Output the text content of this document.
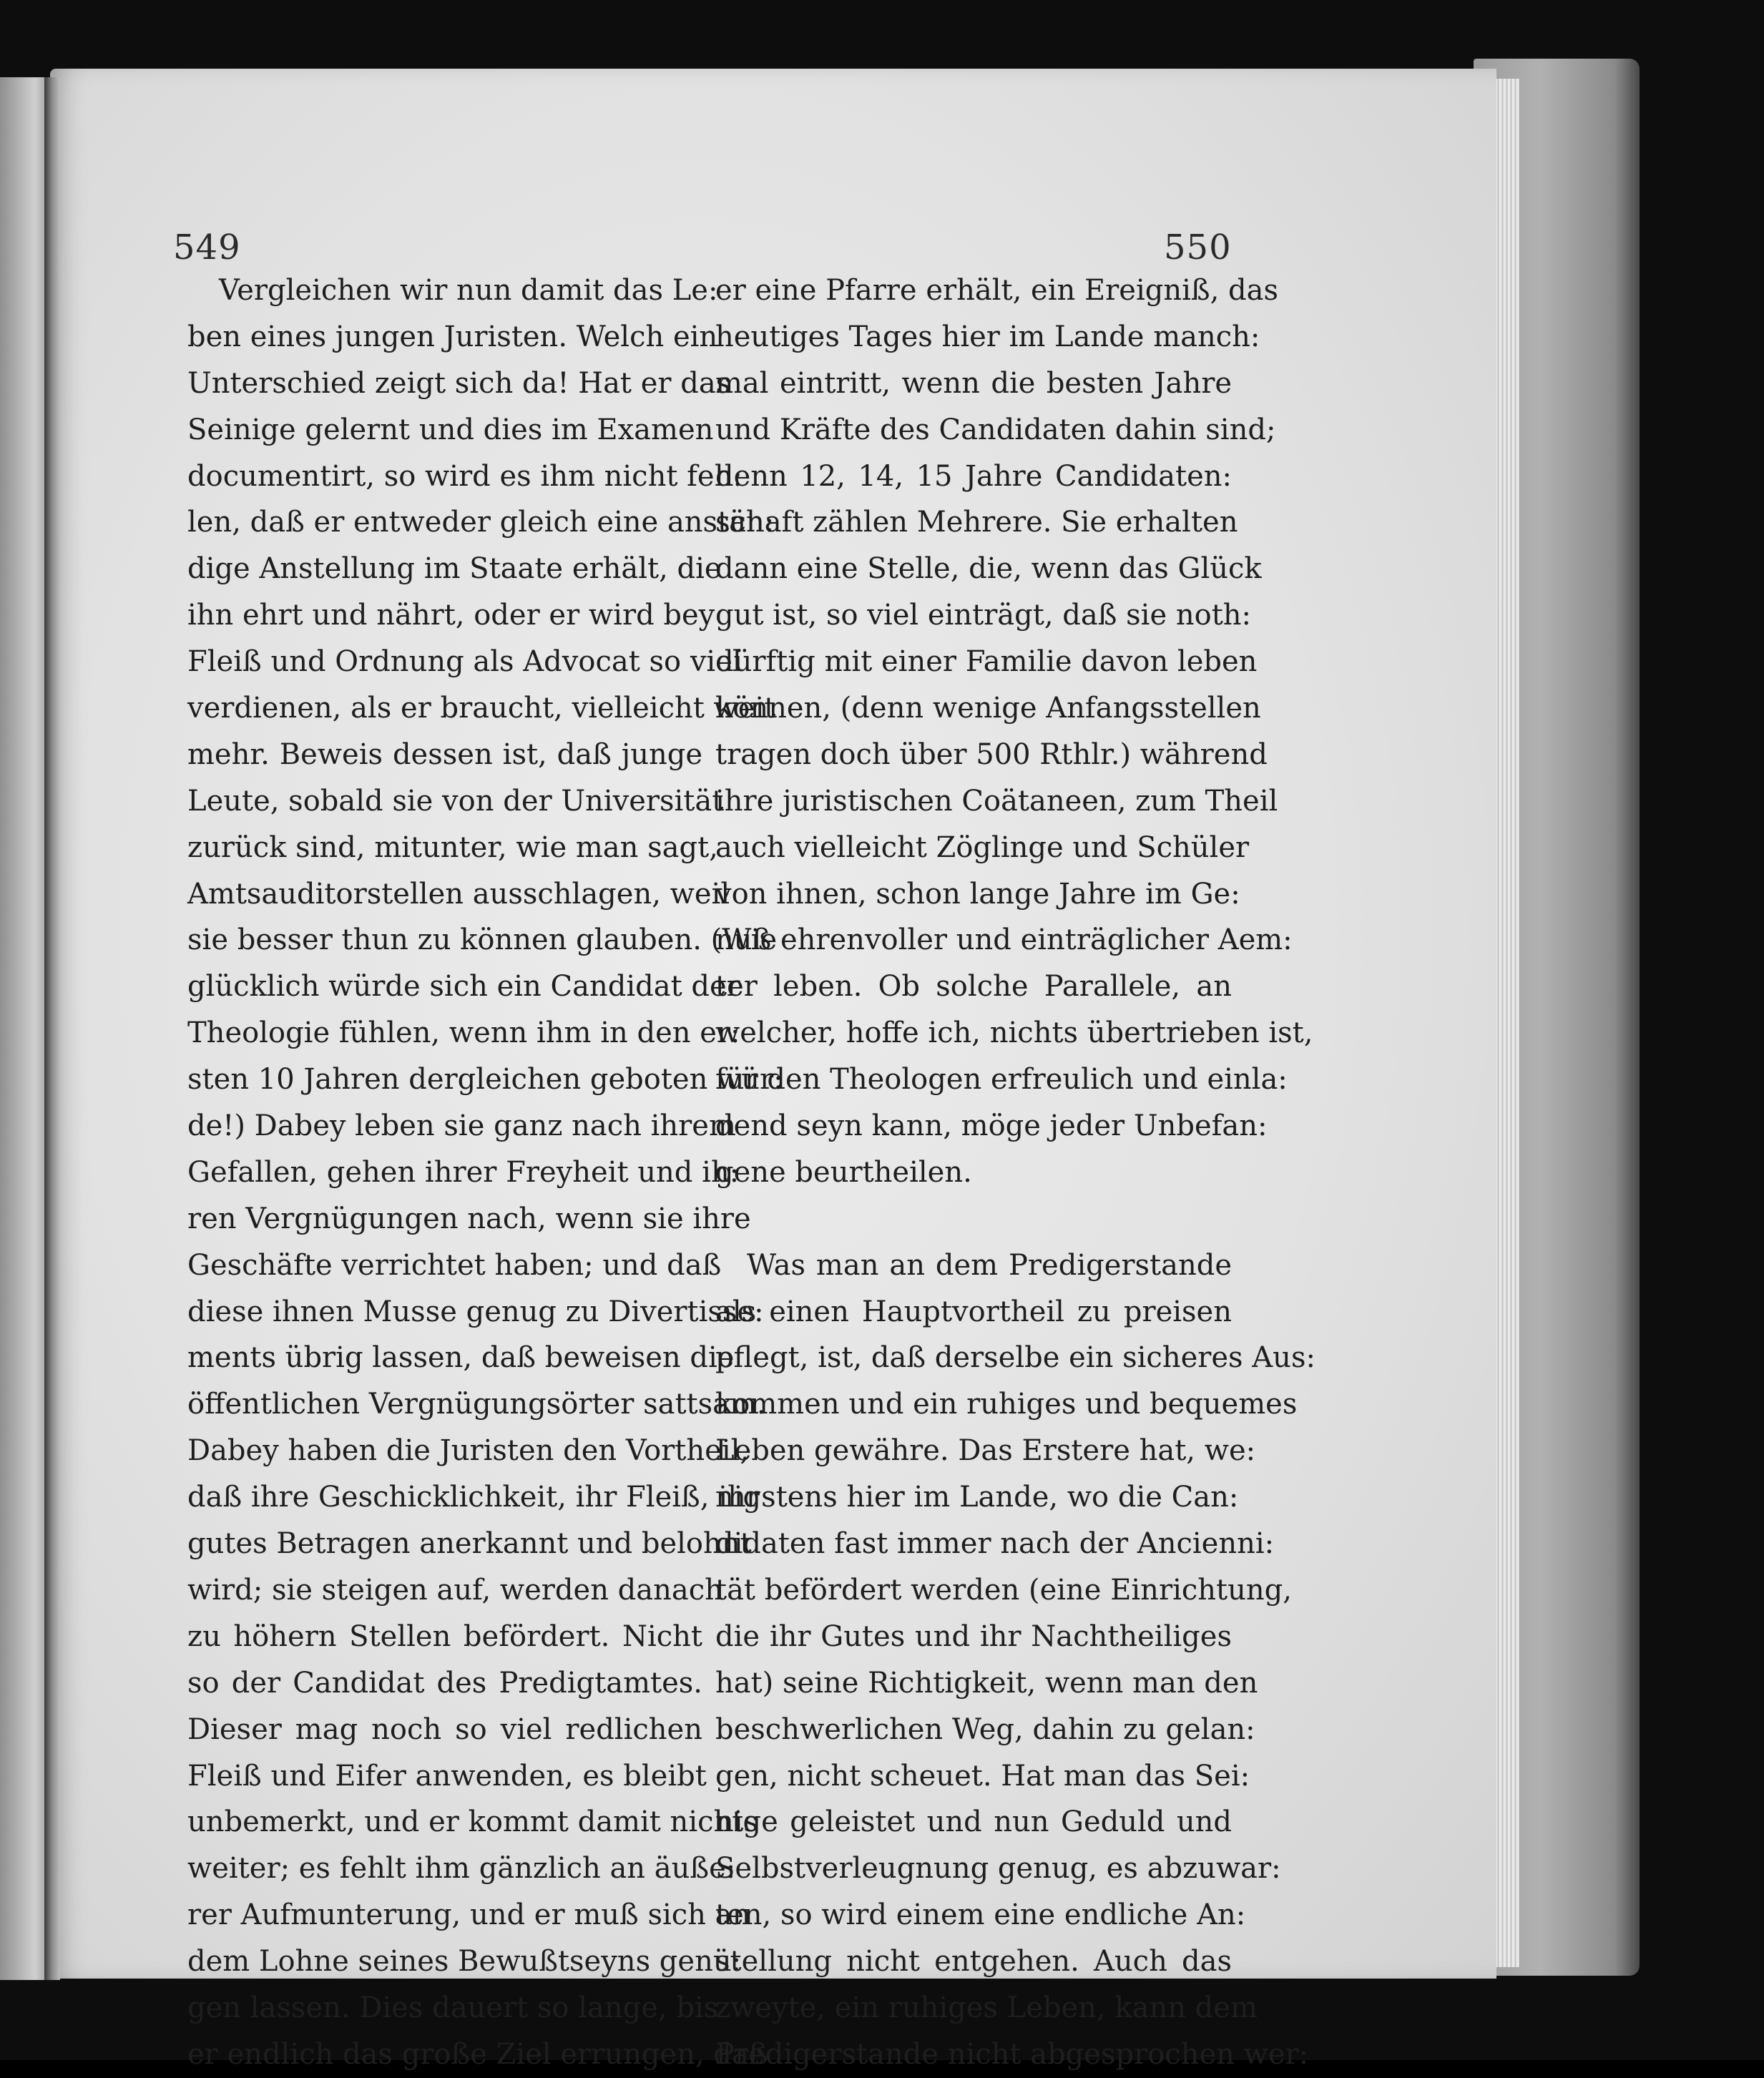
549	550
Vergleichen wir nun damit das Le:
ben eines jungen Juristen. Welch ein
Unterschied zeigt sich da! Hat er das
Seinige gelernt und dies im Examen
documentirt, so wird es ihm nicht feh:
len, daß er entweder gleich eine anstän:
dige Anstellung im Staate erhält, die
ihn ehrt und nährt, oder er wird bey
Fleiß und Ordnung als Advocat so viel
verdienen, als er braucht, vielleicht weit
mehr. Beweis dessen ist, daß junge
Leute, sobald sie von der Universität
zurück sind, mitunter, wie man sagt,
Amtsauditorstellen ausschlagen, weil
sie besser thun zu können glauben. (Wie
glücklich würde sich ein Candidat der
Theologie fühlen, wenn ihm in den er:
sten 10 Jahren dergleichen geboten wür:
de!) Dabey leben sie ganz nach ihrem
Gefallen, gehen ihrer Freyheit und ih:
ren Vergnügungen nach, wenn sie ihre
Geschäfte verrichtet haben; und daß
diese ihnen Musse genug zu Divertisse:
ments übrig lassen, daß beweisen die
öffentlichen Vergnügungsörter sattsam.
Dabey haben die Juristen den Vortheil,
daß ihre Geschicklichkeit, ihr Fleiß, ihr
gutes Betragen anerkannt und belohnt
wird; sie steigen auf, werden danach
zu höhern Stellen befördert. Nicht
so der Candidat des Predigtamtes.
Dieser mag noch so viel redlichen
Fleiß und Eifer anwenden, es bleibt
unbemerkt, und er kommt damit nichts
weiter; es fehlt ihm gänzlich an äuße:
rer Aufmunterung, und er muß sich an
dem Lohne seines Bewußtseyns genü:
gen lassen. Dies dauert so lange, bis
er endlich das große Ziel errungen, daß
er eine Pfarre erhält, ein Ereigniß, das
heutiges Tages hier im Lande manch:
mal eintritt, wenn die besten Jahre
und Kräfte des Candidaten dahin sind;
denn 12, 14, 15 Jahre Candidaten:
schaft zählen Mehrere. Sie erhalten
dann eine Stelle, die, wenn das Glück
gut ist, so viel einträgt, daß sie noth:
dürftig mit einer Familie davon leben
können, (denn wenige Anfangsstellen
tragen doch über 500 Rthlr.) während
ihre juristischen Coätaneen, zum Theil
auch vielleicht Zöglinge und Schüler
von ihnen, schon lange Jahre im Ge:
nuß ehrenvoller und einträglicher Aem:
ter leben. Ob solche Parallele, an
welcher, hoffe ich, nichts übertrieben ist,
für den Theologen erfreulich und einla:
dend seyn kann, möge jeder Unbefan:
gene beurtheilen.
Was man an dem Predigerstande
als einen Hauptvortheil zu preisen
pflegt, ist, daß derselbe ein sicheres Aus:
kommen und ein ruhiges und bequemes
Leben gewähre. Das Erstere hat, we:
nigstens hier im Lande, wo die Can:
didaten fast immer nach der Ancienni:
tät befördert werden (eine Einrichtung,
die ihr Gutes und ihr Nachtheiliges
hat) seine Richtigkeit, wenn man den
beschwerlichen Weg, dahin zu gelan:
gen, nicht scheuet. Hat man das Sei:
nige geleistet und nun Geduld und
Selbstverleugnung genug, es abzuwar:
ten, so wird einem eine endliche An:
stellung nicht entgehen. Auch das
zweyte, ein ruhiges Leben, kann dem
Predigerstande nicht abgesprochen wer:
